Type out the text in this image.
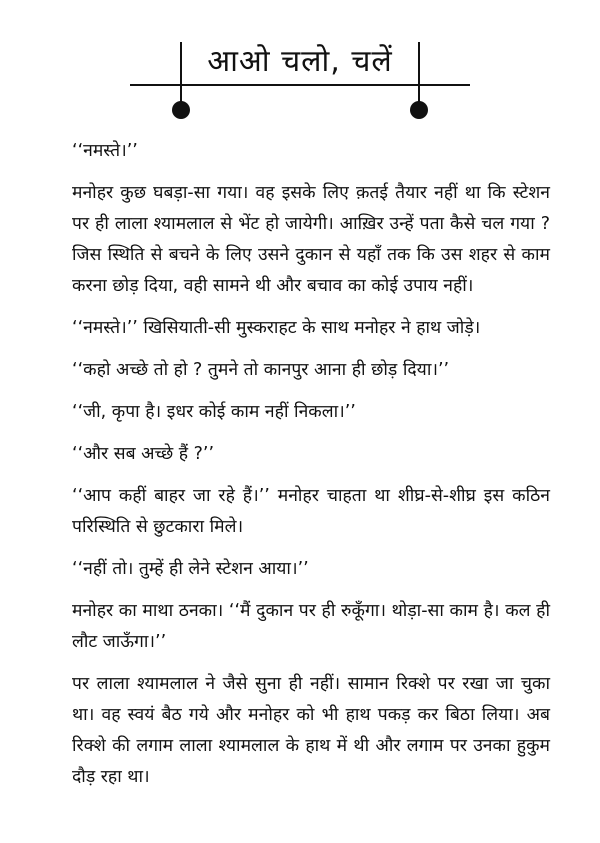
आओ चलो, चलें

‘‘नमस्ते।’’

मनोहर कुछ घबड़ा-सा गया। वह इसके लिए क़तई तैयार नहीं था कि स्टेशन पर ही लाला श्यामलाल से भेंट हो जायेगी। आख़िर उन्हें पता कैसे चल गया ? जिस स्थिति से बचने के लिए उसने दुकान से यहाँ तक कि उस शहर से काम करना छोड़ दिया, वही सामने थी और बचाव का कोई उपाय नहीं।

‘‘नमस्ते।’’ खिसियाती-सी मुस्कराहट के साथ मनोहर ने हाथ जोड़े।

‘‘कहो अच्छे तो हो ? तुमने तो कानपुर आना ही छोड़ दिया।’’

‘‘जी, कृपा है। इधर कोई काम नहीं निकला।’’

‘‘और सब अच्छे हैं ?’’

‘‘आप कहीं बाहर जा रहे हैं।’’ मनोहर चाहता था शीघ्र-से-शीघ्र इस कठिन परिस्थिति से छुटकारा मिले।

‘‘नहीं तो। तुम्हें ही लेने स्टेशन आया।’’

मनोहर का माथा ठनका। ‘‘मैं दुकान पर ही रुकूँगा। थोड़ा-सा काम है। कल ही लौट जाऊँगा।’’

पर लाला श्यामलाल ने जैसे सुना ही नहीं। सामान रिक्शे पर रखा जा चुका था। वह स्वयं बैठ गये और मनोहर को भी हाथ पकड़ कर बिठा लिया। अब रिक्शे की लगाम लाला श्यामलाल के हाथ में थी और लगाम पर उनका हुकुम दौड़ रहा था।
